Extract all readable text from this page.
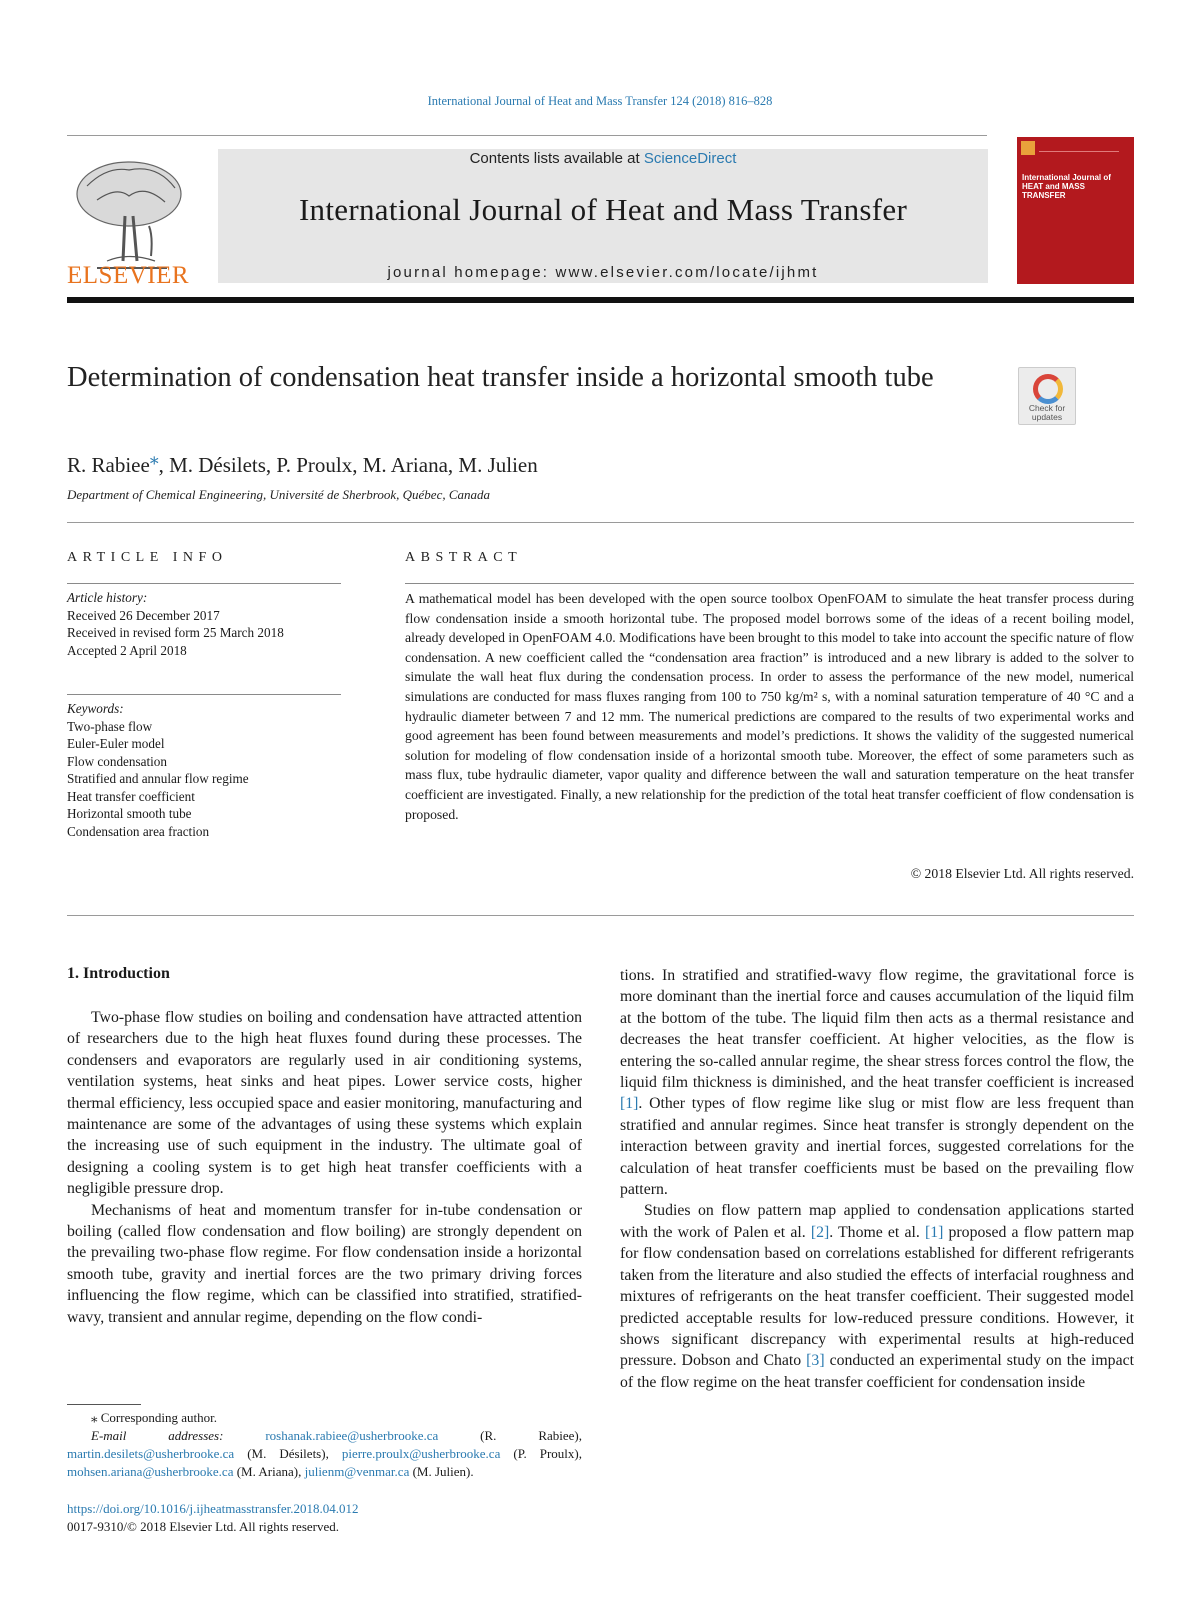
International Journal of Heat and Mass Transfer 124 (2018) 816–828
ELSEVIER
Contents lists available at ScienceDirect
International Journal of Heat and Mass Transfer
journal homepage: www.elsevier.com/locate/ijhmt
International Journal of HEAT and MASS TRANSFER
Determination of condensation heat transfer inside a horizontal smooth tube
Check for updates
R. Rabiee⁎, M. Désilets, P. Proulx, M. Ariana, M. Julien
Department of Chemical Engineering, Université de Sherbrook, Québec, Canada
ARTICLE INFO	ABSTRACT
Article history:
Received 26 December 2017
Received in revised form 25 March 2018
Accepted 2 April 2018
Keywords:
Two-phase flow
Euler-Euler model
Flow condensation
Stratified and annular flow regime
Heat transfer coefficient
Horizontal smooth tube
Condensation area fraction
A mathematical model has been developed with the open source toolbox OpenFOAM to simulate the heat transfer process during flow condensation inside a smooth horizontal tube. The proposed model borrows some of the ideas of a recent boiling model, already developed in OpenFOAM 4.0. Modifications have been brought to this model to take into account the specific nature of flow condensation. A new coefficient called the “condensation area fraction” is introduced and a new library is added to the solver to simulate the wall heat flux during the condensation process. In order to assess the performance of the new model, numerical simulations are conducted for mass fluxes ranging from 100 to 750 kg/m² s, with a nominal saturation temperature of 40 °C and a hydraulic diameter between 7 and 12 mm. The numerical predictions are compared to the results of two experimental works and good agreement has been found between measurements and model’s predictions. It shows the validity of the suggested numerical solution for modeling of flow condensation inside of a horizontal smooth tube. Moreover, the effect of some parameters such as mass flux, tube hydraulic diameter, vapor quality and difference between the wall and saturation temperature on the heat transfer coefficient are investigated. Finally, a new relationship for the prediction of the total heat transfer coefficient of flow condensation is proposed.
© 2018 Elsevier Ltd. All rights reserved.
1. Introduction

Two-phase flow studies on boiling and condensation have attracted attention of researchers due to the high heat fluxes found during these processes. The condensers and evaporators are regularly used in air conditioning systems, ventilation systems, heat sinks and heat pipes. Lower service costs, higher thermal efficiency, less occupied space and easier monitoring, manufacturing and maintenance are some of the advantages of using these systems which explain the increasing use of such equipment in the industry. The ultimate goal of designing a cooling system is to get high heat transfer coefficients with a negligible pressure drop.

Mechanisms of heat and momentum transfer for in-tube condensation or boiling (called flow condensation and flow boiling) are strongly dependent on the prevailing two-phase flow regime. For flow condensation inside a horizontal smooth tube, gravity and inertial forces are the two primary driving forces influencing the flow regime, which can be classified into stratified, stratified-wavy, transient and annular regime, depending on the flow condi-

tions. In stratified and stratified-wavy flow regime, the gravitational force is more dominant than the inertial force and causes accumulation of the liquid film at the bottom of the tube. The liquid film then acts as a thermal resistance and decreases the heat transfer coefficient. At higher velocities, as the flow is entering the so-called annular regime, the shear stress forces control the flow, the liquid film thickness is diminished, and the heat transfer coefficient is increased [1]. Other types of flow regime like slug or mist flow are less frequent than stratified and annular regimes. Since heat transfer is strongly dependent on the interaction between gravity and inertial forces, suggested correlations for the calculation of heat transfer coefficients must be based on the prevailing flow pattern.

Studies on flow pattern map applied to condensation applications started with the work of Palen et al. [2]. Thome et al. [1] proposed a flow pattern map for flow condensation based on correlations established for different refrigerants taken from the literature and also studied the effects of interfacial roughness and mixtures of refrigerants on the heat transfer coefficient. Their suggested model predicted acceptable results for low-reduced pressure conditions. However, it shows significant discrepancy with experimental results at high-reduced pressure. Dobson and Chato [3] conducted an experimental study on the impact of the flow regime on the heat transfer coefficient for condensation inside

⁎ Corresponding author.
E-mail addresses: roshanak.rabiee@usherbrooke.ca (R. Rabiee), martin.desilets@usherbrooke.ca (M. Désilets), pierre.proulx@usherbrooke.ca (P. Proulx), mohsen.ariana@usherbrooke.ca (M. Ariana), julienm@venmar.ca (M. Julien).
https://doi.org/10.1016/j.ijheatmasstransfer.2018.04.012
0017-9310/© 2018 Elsevier Ltd. All rights reserved.
